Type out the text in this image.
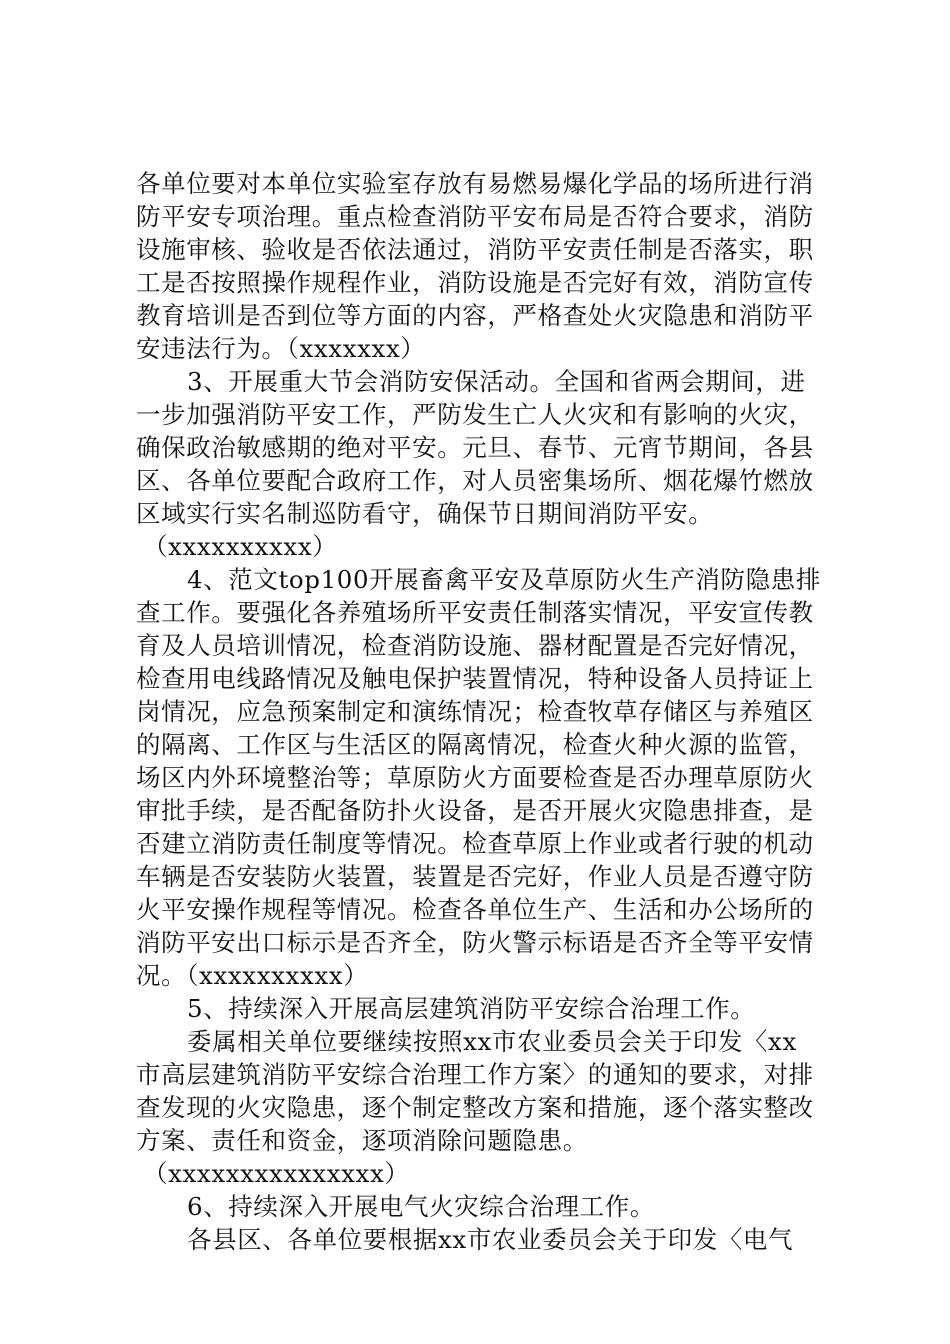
各单位要对本单位实验室存放有易燃易爆化学品的场所进行消
防平安专项治理。重点检查消防平安布局是否符合要求，消防
设施审核、验收是否依法通过，消防平安责任制是否落实，职
工是否按照操作规程作业，消防设施是否完好有效，消防宣传
教育培训是否到位等方面的内容，严格查处火灾隐患和消防平
安违法行为。（xxxxxxx）
3、开展重大节会消防安保活动。全国和省两会期间，进
一步加强消防平安工作，严防发生亡人火灾和有影响的火灾，
确保政治敏感期的绝对平安。元旦、春节、元宵节期间，各县
区、各单位要配合政府工作，对人员密集场所、烟花爆竹燃放
区域实行实名制巡防看守，确保节日期间消防平安。
（xxxxxxxxxx）
4、范文top100开展畜禽平安及草原防火生产消防隐患排
查工作。要强化各养殖场所平安责任制落实情况，平安宣传教
育及人员培训情况，检查消防设施、器材配置是否完好情况，
检查用电线路情况及触电保护装置情况，特种设备人员持证上
岗情况，应急预案制定和演练情况；检查牧草存储区与养殖区
的隔离、工作区与生活区的隔离情况，检查火种火源的监管，
场区内外环境整治等；草原防火方面要检查是否办理草原防火
审批手续，是否配备防扑火设备，是否开展火灾隐患排查，是
否建立消防责任制度等情况。检查草原上作业或者行驶的机动
车辆是否安装防火装置，装置是否完好，作业人员是否遵守防
火平安操作规程等情况。检查各单位生产、生活和办公场所的
消防平安出口标示是否齐全，防火警示标语是否齐全等平安情
况。（xxxxxxxxxx）
5、持续深入开展高层建筑消防平安综合治理工作。
委属相关单位要继续按照xx市农业委员会关于印发〈xx
市高层建筑消防平安综合治理工作方案〉的通知的要求，对排
查发现的火灾隐患，逐个制定整改方案和措施，逐个落实整改
方案、责任和资金，逐项消除问题隐患。
（xxxxxxxxxxxxxxx）
6、持续深入开展电气火灾综合治理工作。
各县区、各单位要根据xx市农业委员会关于印发〈电气
